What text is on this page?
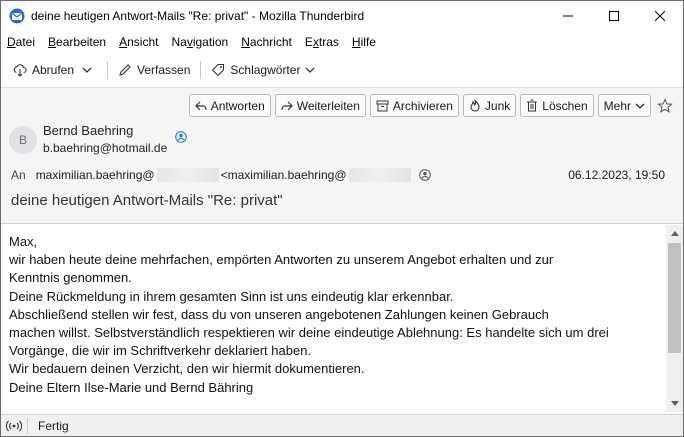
deine heutigen Antwort-Mails "Re: privat" - Mozilla Thunderbird
Datei Bearbeiten Ansicht Navigation Nachricht Extras Hilfe
Abrufen	Verfassen	Schlagwörter
Antworten	Weiterleiten	Archivieren	Junk	Löschen Mehr
B
Bernd Baehring
b.baehring@hotmail.de
An maximilian.baehring@	<maximilian.baehring@	06.12.2023, 19:50
deine heutigen Antwort-Mails "Re: privat"
Max,
wir haben heute deine mehrfachen, empörten Antworten zu unserem Angebot erhalten und zur
Kenntnis genommen.
Deine Rückmeldung in ihrem gesamten Sinn ist uns eindeutig klar erkennbar.
Abschließend stellen wir fest, dass du von unseren angebotenen Zahlungen keinen Gebrauch
machen willst. Selbstverständlich respektieren wir deine eindeutige Ablehnung: Es handelte sich um drei
Vorgänge, die wir im Schriftverkehr deklariert haben.
Wir bedauern deinen Verzicht, den wir hiermit dokumentieren.
Deine Eltern Ilse-Marie und Bernd Bähring
Fertig
